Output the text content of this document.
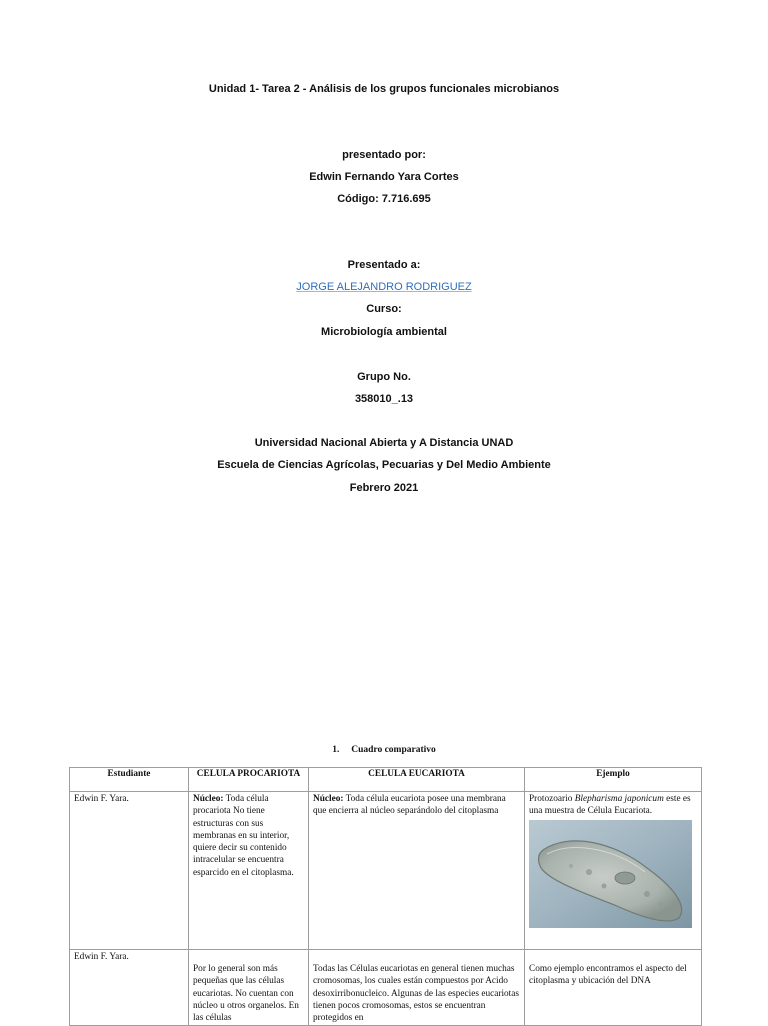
Unidad 1- Tarea 2 - Análisis de los grupos funcionales microbianos
presentado por:
Edwin Fernando Yara Cortes
Código: 7.716.695
Presentado a:
JORGE ALEJANDRO RODRIGUEZ
Curso:
Microbiología ambiental
Grupo No.
358010_.13
Universidad Nacional Abierta y A Distancia UNAD
Escuela de Ciencias Agrícolas, Pecuarias y Del Medio Ambiente
Febrero 2021
1. Cuadro comparativo
Estudiante	CELULA PROCARIOTA	CELULA EUCARIOTA	Ejemplo
Edwin F. Yara.	Núcleo: Toda célula procariota No tiene estructuras con sus membranas en su interior, quiere decir su contenido intracelular se encuentra esparcido en el citoplasma.	Núcleo: Toda célula eucariota posee una membrana que encierra al núcleo separándolo del citoplasma	Protozoario Blepharisma japonicum este es una muestra de Célula Eucariota.

Edwin F. Yara.	Por lo general son más pequeñas que las células eucariotas. No cuentan con núcleo u otros organelos. En las células	Todas las Células eucariotas en general tienen muchas cromosomas, los cuales están compuestos por Acido desoxirribonucleico. Algunas de las especies eucariotas tienen pocos cromosomas, estos se encuentran protegidos en	Como ejemplo encontramos el aspecto del citoplasma y ubicación del DNA
